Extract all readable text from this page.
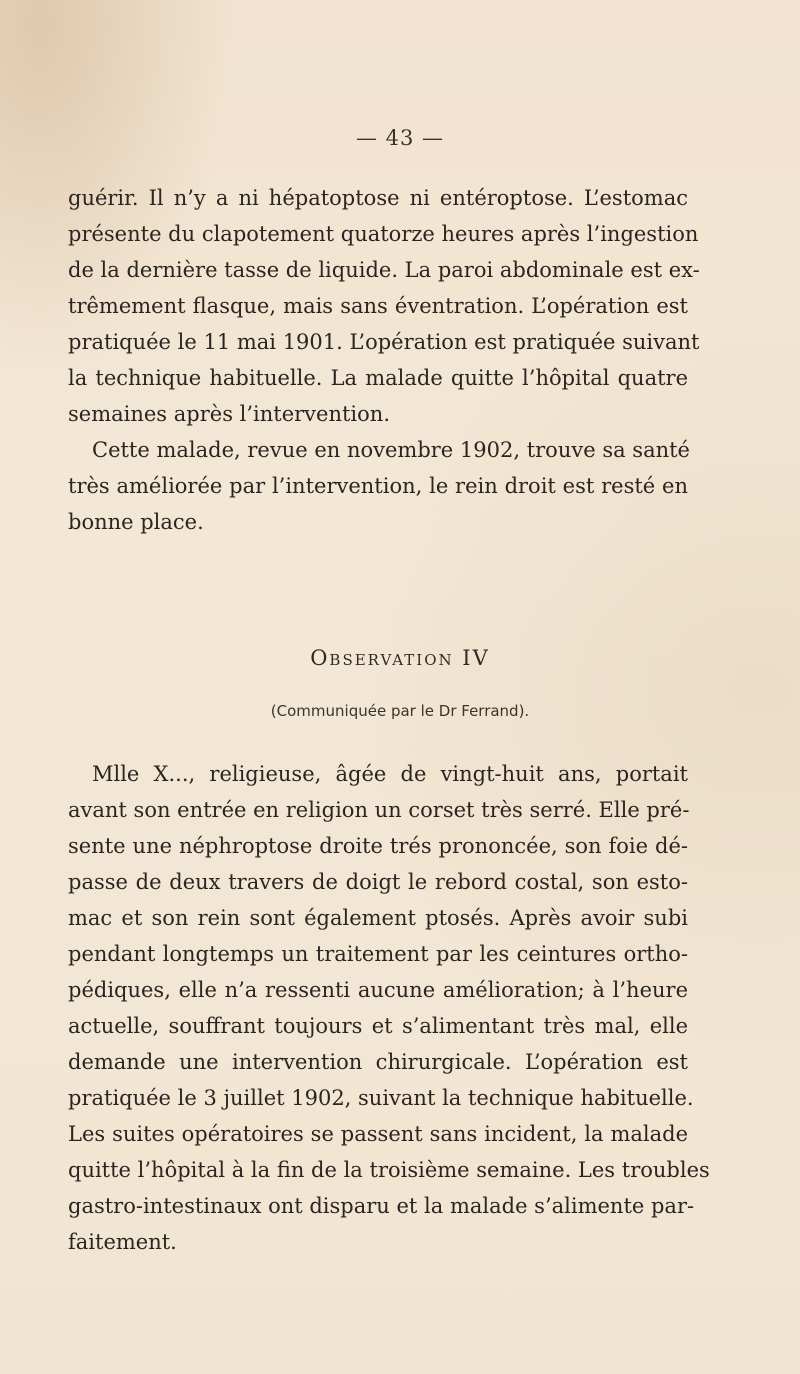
— 43 —
guérir. Il n’y a ni hépatoptose ni entéroptose. L’estomac
présente du clapotement quatorze heures après l’ingestion
de la dernière tasse de liquide. La paroi abdominale est ex-
trêmement flasque, mais sans éventration. L’opération est
pratiquée le 11 mai 1901. L’opération est pratiquée suivant
la technique habituelle. La malade quitte l’hôpital quatre
semaines après l’intervention.
Cette malade, revue en novembre 1902, trouve sa santé
très améliorée par l’intervention, le rein droit est resté en
bonne place.
Observation IV
(Communiquée par le Dr Ferrand).
Mlle X..., religieuse, âgée de vingt-huit ans, portait
avant son entrée en religion un corset très serré. Elle pré-
sente une néphroptose droite trés prononcée, son foie dé-
passe de deux travers de doigt le rebord costal, son esto-
mac et son rein sont également ptosés. Après avoir subi
pendant longtemps un traitement par les ceintures ortho-
pédiques, elle n’a ressenti aucune amélioration; à l’heure
actuelle, souffrant toujours et s’alimentant très mal, elle
demande une intervention chirurgicale. L’opération est
pratiquée le 3 juillet 1902, suivant la technique habituelle.
Les suites opératoires se passent sans incident, la malade
quitte l’hôpital à la fin de la troisième semaine. Les troubles
gastro-intestinaux ont disparu et la malade s’alimente par-
faitement.
